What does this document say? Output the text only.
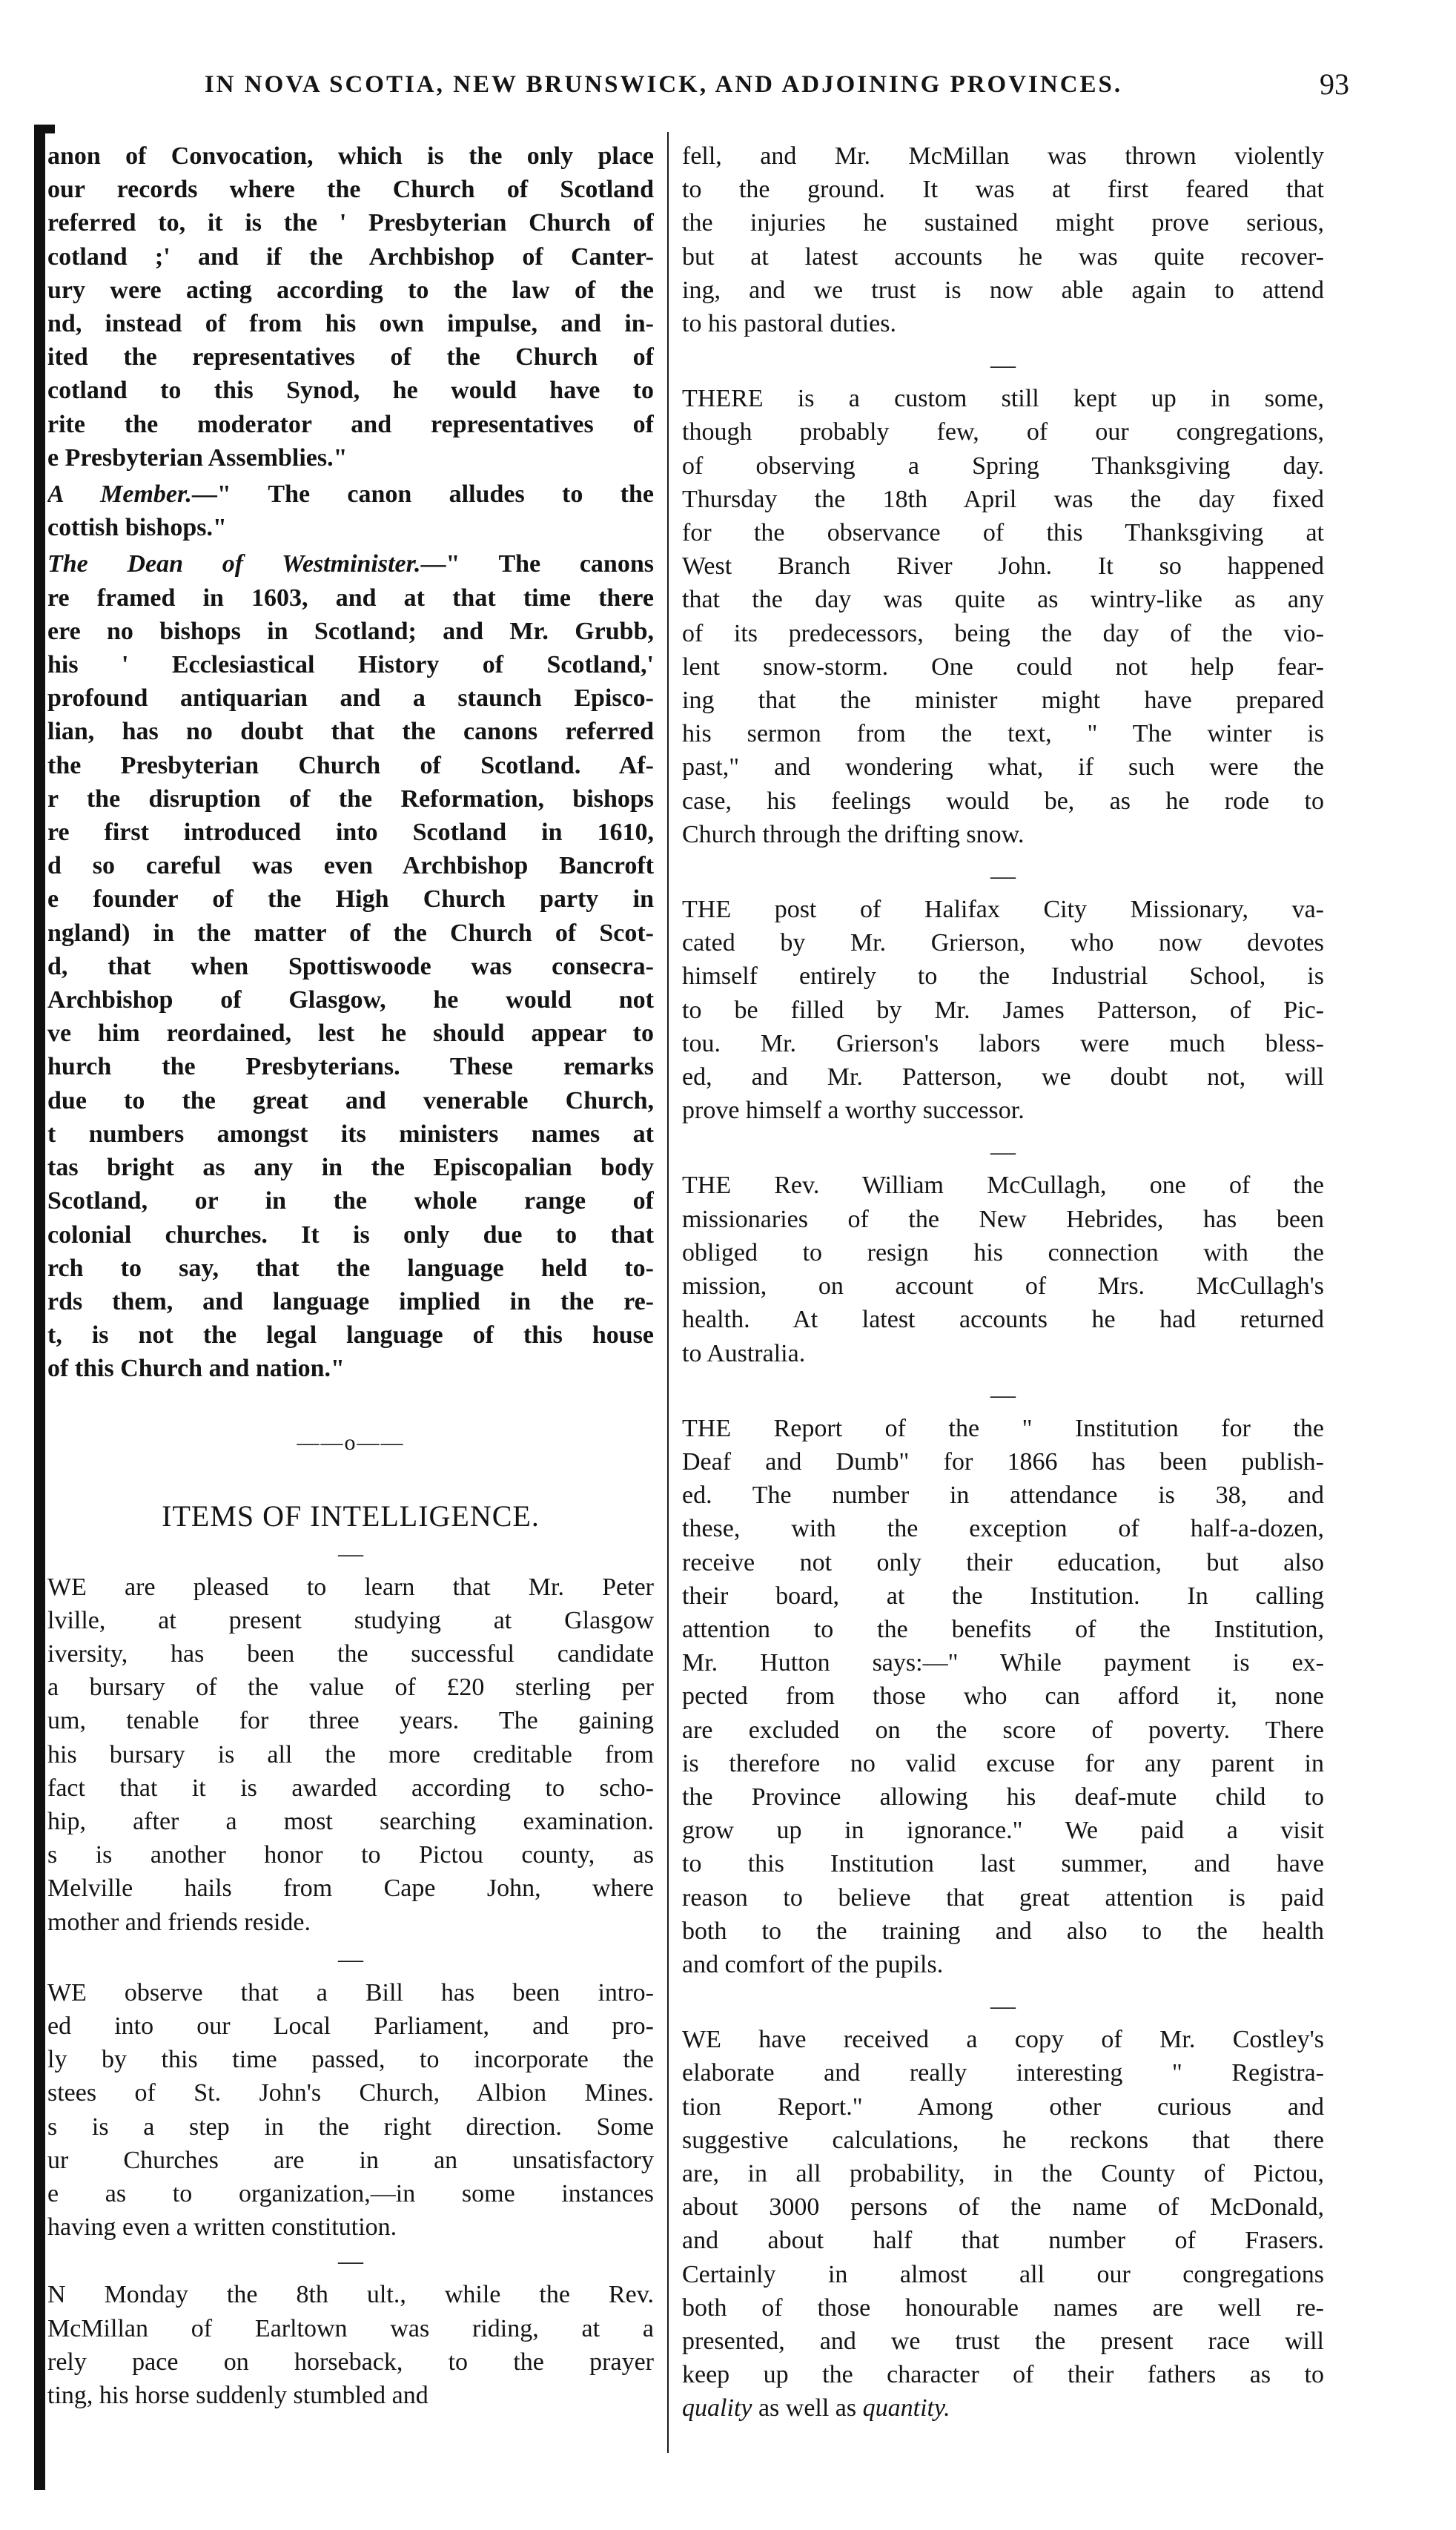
IN NOVA SCOTIA, NEW BRUNSWICK, AND ADJOINING PROVINCES.	93
anon of Convocation, which is the only place
our records where the Church of Scotland
referred to, it is the ' Presbyterian Church of
cotland ;' and if the Archbishop of Canter-
ury were acting according to the law of the
nd, instead of from his own impulse, and in-
ited the representatives of the Church of
cotland to this Synod, he would have to
rite the moderator and representatives of
e Presbyterian Assemblies."
A Member.—" The canon alludes to the
cottish bishops."
The Dean of Westminister.—" The canons
re framed in 1603, and at that time there
ere no bishops in Scotland; and Mr. Grubb,
his ' Ecclesiastical History of Scotland,'
profound antiquarian and a staunch Episco-
lian, has no doubt that the canons referred
the Presbyterian Church of Scotland. Af-
r the disruption of the Reformation, bishops
re first introduced into Scotland in 1610,
d so careful was even Archbishop Bancroft
e founder of the High Church party in
ngland) in the matter of the Church of Scot-
d, that when Spottiswoode was consecra-
Archbishop of Glasgow, he would not
ve him reordained, lest he should appear to
hurch the Presbyterians. These remarks
due to the great and venerable Church,
t numbers amongst its ministers names at
tas bright as any in the Episcopalian body
Scotland, or in the whole range of
colonial churches. It is only due to that
rch to say, that the language held to-
rds them, and language implied in the re-
t, is not the legal language of this house
of this Church and nation."
——o——
ITEMS OF INTELLIGENCE.
—
WE are pleased to learn that Mr. Peter
lville, at present studying at Glasgow
iversity, has been the successful candidate
a bursary of the value of £20 sterling per
um, tenable for three years. The gaining
his bursary is all the more creditable from
fact that it is awarded according to scho-
hip, after a most searching examination.
s is another honor to Pictou county, as
Melville hails from Cape John, where
mother and friends reside.
—
WE observe that a Bill has been intro-
ed into our Local Parliament, and pro-
ly by this time passed, to incorporate the
stees of St. John's Church, Albion Mines.
s is a step in the right direction. Some
ur Churches are in an unsatisfactory
e as to organization,—in some instances
having even a written constitution.
—
N Monday the 8th ult., while the Rev.
McMillan of Earltown was riding, at a
rely pace on horseback, to the prayer
ting, his horse suddenly stumbled and
fell, and Mr. McMillan was thrown violently
to the ground. It was at first feared that
the injuries he sustained might prove serious,
but at latest accounts he was quite recover-
ing, and we trust is now able again to attend
to his pastoral duties.
—
THERE is a custom still kept up in some,
though probably few, of our congregations,
of observing a Spring Thanksgiving day.
Thursday the 18th April was the day fixed
for the observance of this Thanksgiving at
West Branch River John. It so happened
that the day was quite as wintry-like as any
of its predecessors, being the day of the vio-
lent snow-storm. One could not help fear-
ing that the minister might have prepared
his sermon from the text, " The winter is
past," and wondering what, if such were the
case, his feelings would be, as he rode to
Church through the drifting snow.
—
THE post of Halifax City Missionary, va-
cated by Mr. Grierson, who now devotes
himself entirely to the Industrial School, is
to be filled by Mr. James Patterson, of Pic-
tou. Mr. Grierson's labors were much bless-
ed, and Mr. Patterson, we doubt not, will
prove himself a worthy successor.
—
THE Rev. William McCullagh, one of the
missionaries of the New Hebrides, has been
obliged to resign his connection with the
mission, on account of Mrs. McCullagh's
health. At latest accounts he had returned
to Australia.
—
THE Report of the " Institution for the
Deaf and Dumb" for 1866 has been publish-
ed. The number in attendance is 38, and
these, with the exception of half-a-dozen,
receive not only their education, but also
their board, at the Institution. In calling
attention to the benefits of the Institution,
Mr. Hutton says:—" While payment is ex-
pected from those who can afford it, none
are excluded on the score of poverty. There
is therefore no valid excuse for any parent in
the Province allowing his deaf-mute child to
grow up in ignorance." We paid a visit
to this Institution last summer, and have
reason to believe that great attention is paid
both to the training and also to the health
and comfort of the pupils.
—
WE have received a copy of Mr. Costley's
elaborate and really interesting " Registra-
tion Report." Among other curious and
suggestive calculations, he reckons that there
are, in all probability, in the County of Pictou,
about 3000 persons of the name of McDonald,
and about half that number of Frasers.
Certainly in almost all our congregations
both of those honourable names are well re-
presented, and we trust the present race will
keep up the character of their fathers as to
quality as well as quantity.
